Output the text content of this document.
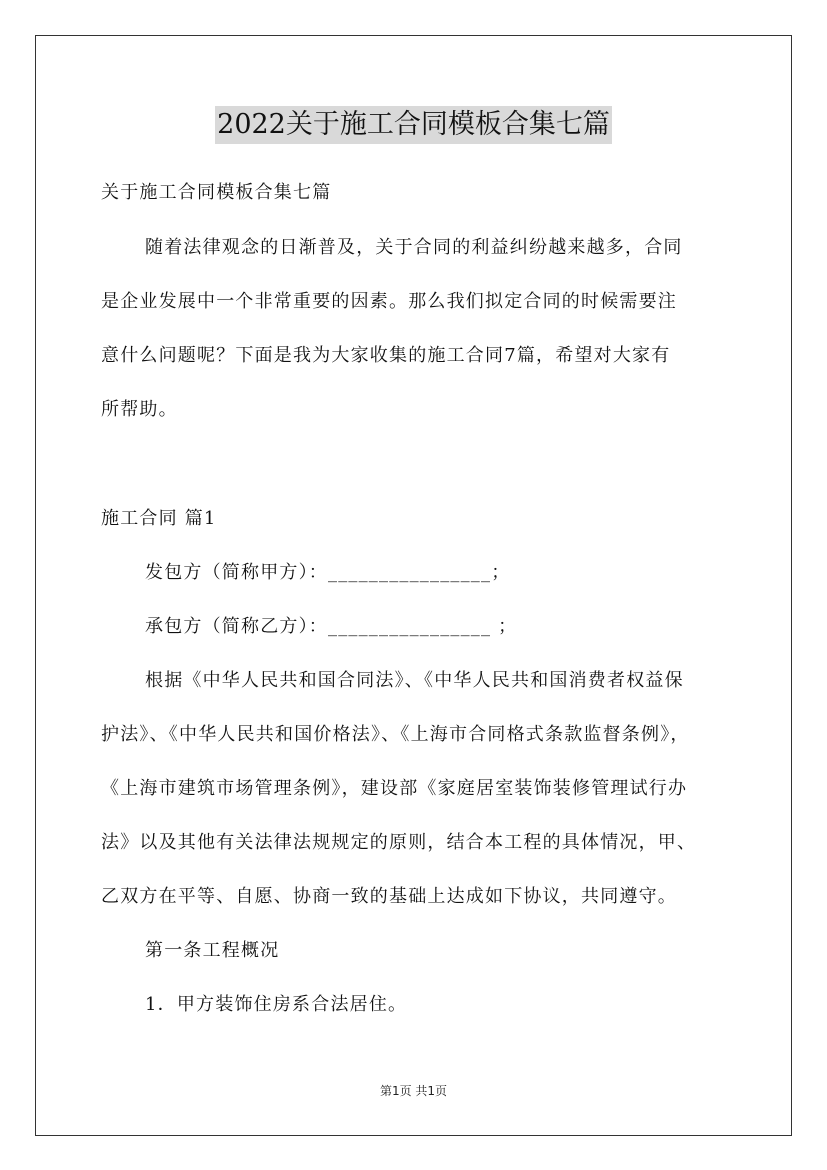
2022关于施工合同模板合集七篇
关于施工合同模板合集七篇
随着法律观念的日渐普及，关于合同的利益纠纷越来越多，合同
是企业发展中一个非常重要的因素。那么我们拟定合同的时候需要注
意什么问题呢？下面是我为大家收集的施工合同7篇，希望对大家有
所帮助。
施工合同 篇1
发包方（简称甲方）：________________；
承包方（简称乙方）：________________ ；
根据《中华人民共和国合同法》、《中华人民共和国消费者权益保
护法》、《中华人民共和国价格法》、《上海市合同格式条款监督条例》，
《上海市建筑市场管理条例》，建设部《家庭居室装饰装修管理试行办
法》以及其他有关法律法规规定的原则，结合本工程的具体情况，甲、
乙双方在平等、自愿、协商一致的基础上达成如下协议，共同遵守。
第一条工程概况
1．甲方装饰住房系合法居住。
第1页 共1页
